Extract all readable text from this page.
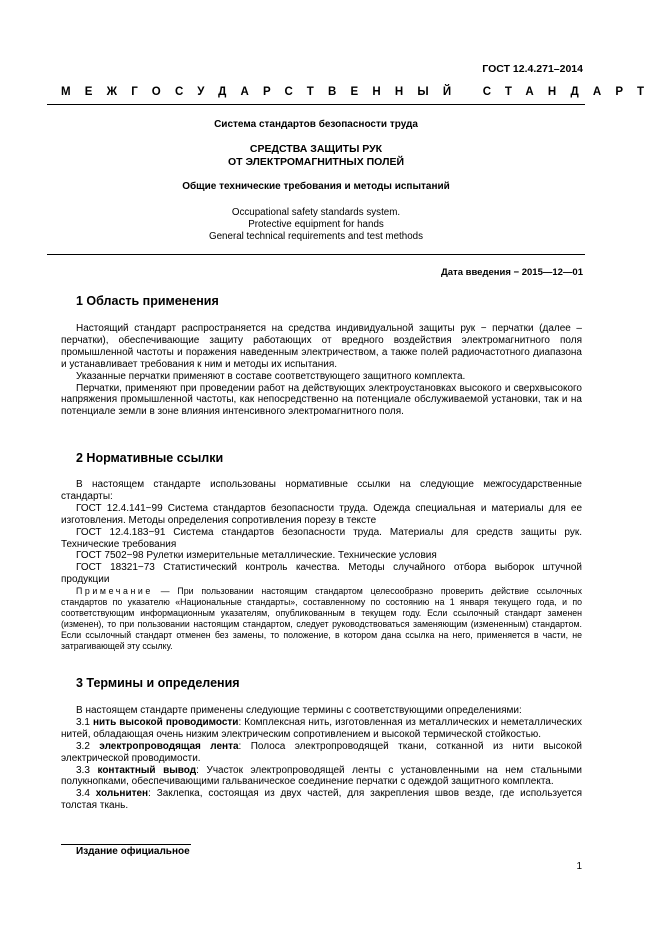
ГОСТ 12.4.271–2014
МЕЖГОСУДАРСТВЕННЫЙ СТАНДАРТ
Система стандартов безопасности труда
СРЕДСТВА ЗАЩИТЫ РУК
ОТ ЭЛЕКТРОМАГНИТНЫХ ПОЛЕЙ
Общие технические требования и методы испытаний
Occupational safety standards system.
Protective equipment for hands
General technical requirements and test methods
Дата введения − 2015—12—01
1 Область применения

Настоящий стандарт распространяется на средства индивидуальной защиты рук − перчатки (далее – перчатки), обеспечивающие защиту работающих от вредного воздействия электромагнитного поля промышленной частоты и поражения наведенным электричеством, а также полей радиочастотного диапазона и устанавливает требования к ним и методы их испытания.

Указанные перчатки применяют в составе соответствующего защитного комплекта.

Перчатки, применяют при проведении работ на действующих электроустановках высокого и сверхвысокого напряжения промышленной частоты, как непосредственно на потенциале обслуживаемой установки, так и на потенциале земли в зоне влияния интенсивного электромагнитного поля.

2 Нормативные ссылки

В настоящем стандарте использованы нормативные ссылки на следующие межгосударственные стандарты:

ГОСТ 12.4.141−99 Система стандартов безопасности труда. Одежда специальная и материалы для ее изготовления. Методы определения сопротивления порезу в тексте

ГОСТ 12.4.183−91 Система стандартов безопасности труда. Материалы для средств защиты рук. Технические требования

ГОСТ 7502−98 Рулетки измерительные металлические. Технические условия

ГОСТ 18321−73 Статистический контроль качества. Методы случайного отбора выборок штучной продукции

Примечание — При пользовании настоящим стандартом целесообразно проверить действие ссылочных стандартов по указателю «Национальные стандарты», составленному по состоянию на 1 января текущего года, и по соответствующим информационным указателям, опубликованным в текущем году. Если ссылочный стандарт заменен (изменен), то при пользовании настоящим стандартом, следует руководствоваться заменяющим (измененным) стандартом. Если ссылочный стандарт отменен без замены, то положение, в котором дана ссылка на него, применяется в части, не затрагивающей эту ссылку.

3 Термины и определения

В настоящем стандарте применены следующие термины с соответствующими определениями:

3.1 нить высокой проводимости: Комплексная нить, изготовленная из металлических и неметаллических нитей, обладающая очень низким электрическим сопротивлением и высокой термической стойкостью.

3.2 электропроводящая лента: Полоса электропроводящей ткани, сотканной из нити высокой электрической проводимости.

3.3 контактный вывод: Участок электропроводящей ленты с установленными на нем стальными полукнопками, обеспечивающими гальваническое соединение перчатки с одеждой защитного комплекта.

3.4 хольнитен: Заклепка, состоящая из двух частей, для закрепления швов везде, где используется толстая ткань.

Издание официальное
1
